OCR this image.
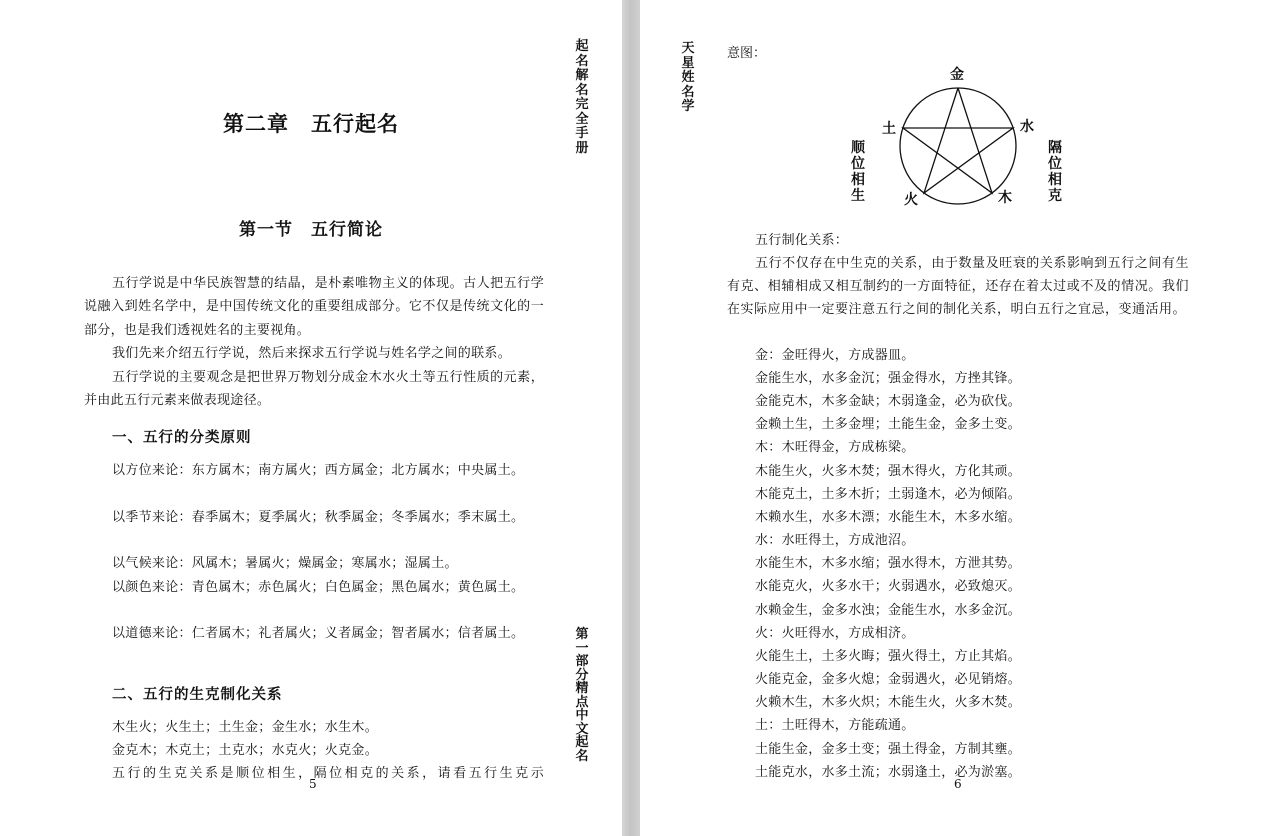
起名解名完全手册
第一部分　精点中文起名
第二章　五行起名
第一节　五行简论
五行学说是中华民族智慧的结晶，是朴素唯物主义的体现。古人把五行学说融入到姓名学中，是中国传统文化的重要组成部分。它不仅是传统文化的一部分，也是我们透视姓名的主要视角。
我们先来介绍五行学说，然后来探求五行学说与姓名学之间的联系。
五行学说的主要观念是把世界万物划分成金木水火土等五行性质的元素，并由此五行元素来做表现途径。
一、五行的分类原则
以方位来论：东方属木；南方属火；西方属金；北方属水；中央属土。
以季节来论：春季属木；夏季属火；秋季属金；冬季属水；季末属土。
以气候来论：风属木；暑属火；燥属金；寒属水；湿属土。
以颜色来论：青色属木；赤色属火；白色属金；黑色属水；黄色属土。
以道德来论：仁者属木；礼者属火；义者属金；智者属水；信者属土。
二、五行的生克制化关系
木生火；火生土；土生金；金生水；水生木。
金克木；木克土；土克水；水克火；火克金。
五行的生克关系是顺位相生，隔位相克的关系，请看五行生克示
5
天星姓名学
意图：
金
水
木
火
土
顺位相生
隔位相克
五行制化关系：
五行不仅存在中生克的关系，由于数量及旺衰的关系影响到五行之间有生有克、相辅相成又相互制约的一方面特征，还存在着太过或不及的情况。我们在实际应用中一定要注意五行之间的制化关系，明白五行之宜忌，变通活用。
金：金旺得火，方成器皿。
金能生水，水多金沉；强金得水，方挫其锋。
金能克木，木多金缺；木弱逢金，必为砍伐。
金赖土生，土多金埋；土能生金，金多土变。
木：木旺得金，方成栋梁。
木能生火，火多木焚；强木得火，方化其顽。
木能克土，土多木折；土弱逢木，必为倾陷。
木赖水生，水多木漂；水能生木，木多水缩。
水：水旺得土，方成池沼。
水能生木，木多水缩；强水得木，方泄其势。
水能克火，火多水干；火弱遇水，必致熄灭。
水赖金生，金多水浊；金能生水，水多金沉。
火：火旺得水，方成相济。
火能生土，土多火晦；强火得土，方止其焰。
火能克金，金多火熄；金弱遇火，必见销熔。
火赖木生，木多火炽；木能生火，火多木焚。
土：土旺得木，方能疏通。
土能生金，金多土变；强土得金，方制其壅。
土能克水，水多土流；水弱逢土，必为淤塞。
6
